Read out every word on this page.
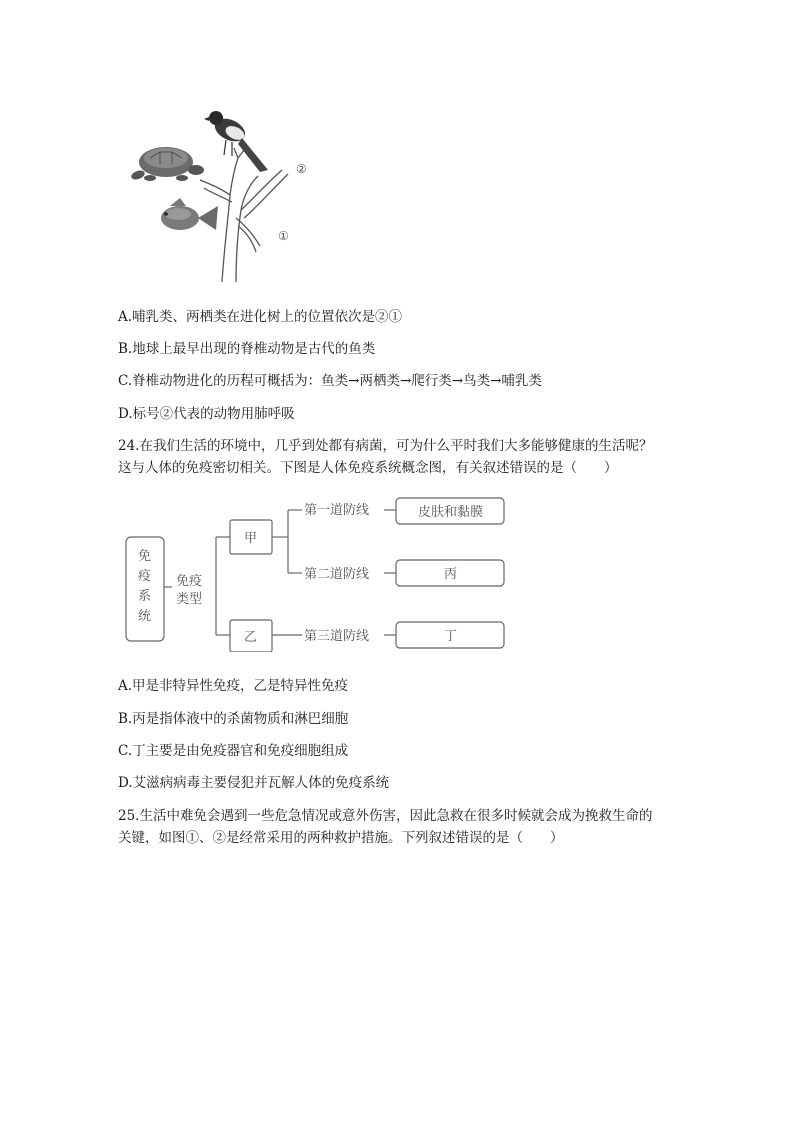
②
①
A.哺乳类、两栖类在进化树上的位置依次是②①
B.地球上最早出现的脊椎动物是古代的鱼类
C.脊椎动物进化的历程可概括为：鱼类→两栖类→爬行类→鸟类→哺乳类
D.标号②代表的动物用肺呼吸
24.在我们生活的环境中，几乎到处都有病菌，可为什么平时我们大多能够健康的生活呢？
这与人体的免疫密切相关。下图是人体免疫系统概念图，有关叙述错误的是（　　）
免
疫
系
统
免疫
类型
甲
乙
第一道防线
第二道防线
第三道防线
皮肤和黏膜
丙
丁
A.甲是非特异性免疫，乙是特异性免疫
B.丙是指体液中的杀菌物质和淋巴细胞
C.丁主要是由免疫器官和免疫细胞组成
D.艾滋病病毒主要侵犯并瓦解人体的免疫系统
25.生活中难免会遇到一些危急情况或意外伤害，因此急救在很多时候就会成为挽救生命的
关键，如图①、②是经常采用的两种救护措施。下列叙述错误的是（　　）
